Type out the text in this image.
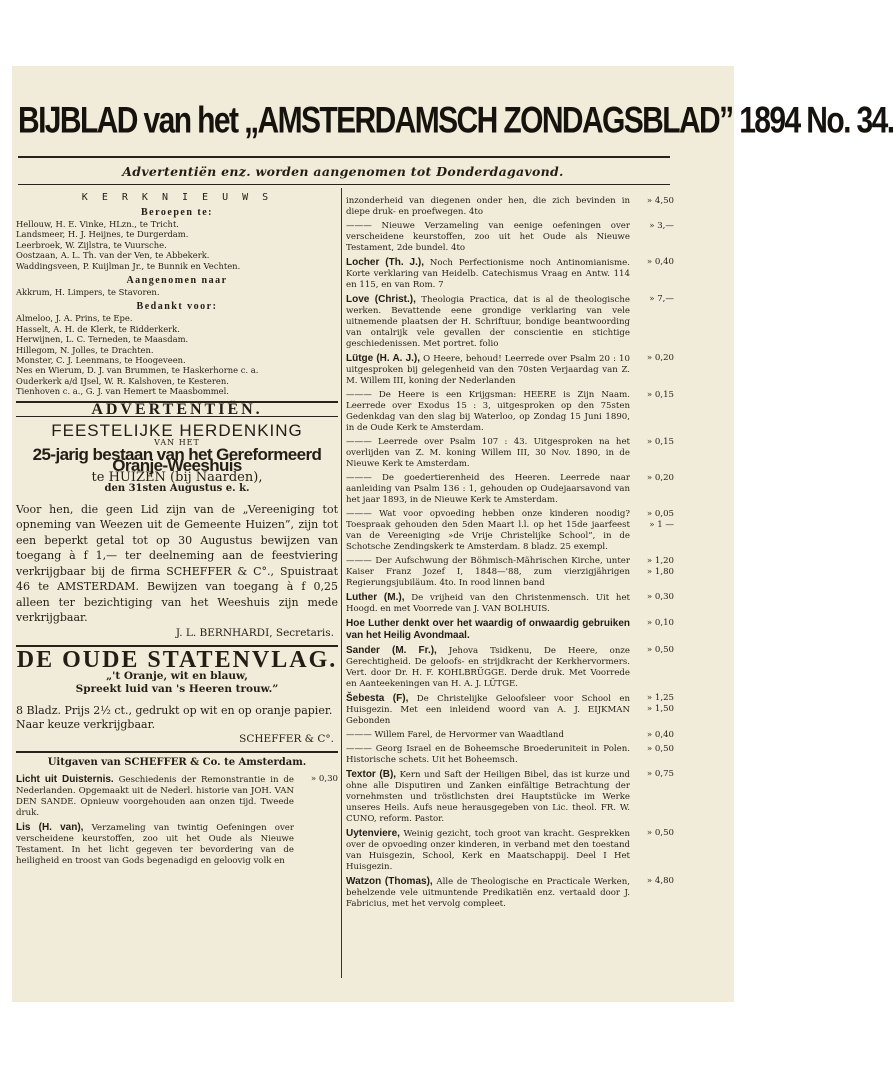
BIJBLAD van het „AMSTERDAMSCH ZONDAGSBLAD” 1894 No. 34.
Advertentiën enz. worden aangenomen tot Donderdagavond.
K E R K N I E U W S
Beroepen te:

Hellouw, H. E. Vinke, HLzn., te Tricht.

Landsmeer, H. J. Heijnes, te Durgerdam.

Leerbroek, W. Zijlstra, te Vuursche.

Oostzaan, A. L. Th. van der Ven, te Abbekerk.

Waddingsveen, P. Kuijlman Jr., te Bunnik en Vechten.

Aangenomen naar

Akkrum, H. Limpers, te Stavoren.

Bedankt voor:

Almeloo, J. A. Prins, te Epe.

Hasselt, A. H. de Klerk, te Ridderkerk.

Herwijnen, L. C. Terneden, te Maasdam.

Hillegom, N. Jolles, te Drachten.

Monster, C. J. Leenmans, te Hoogeveen.

Nes en Wierum, D. J. van Brummen, te Haskerhorne c. a.

Ouderkerk a/d IJsel, W. R. Kalshoven, te Kesteren.

Tienhoven c. a., G. J. van Hemert te Maasbommel.

ADVERTENTIËN.
FEESTELIJKE HERDENKING
VAN HET
25-jarig bestaan van het Gereformeerd Oranje-Weeshuis
te HUIZEN (bij Naarden),
den 31sten Augustus e. k.
Voor hen, die geen Lid zijn van de „Vereeniging tot opneming van Weezen uit de Gemeente Huizen”, zijn tot een beperkt getal tot op 30 Augustus bewijzen van toegang à f 1,— ter deelneming aan de feestviering verkrijgbaar bij de firma SCHEFFER & C°., Spuistraat 46 te AMSTERDAM. Bewijzen van toegang à f 0,25 alleen ter bezichtiging van het Weeshuis zijn mede verkrijgbaar.
J. L. BERNHARDI, Secretaris.
DE OUDE STATENVLAG.
„'t Oranje, wit en blauw,
Spreekt luid van 's Heeren trouw.”
8 Bladz. Prijs 2½ ct., gedrukt op wit en op oranje papier. Naar keuze verkrijgbaar.
SCHEFFER & C°.
Uitgaven van SCHEFFER & Co. te Amsterdam.
Licht uit Duisternis. Geschiedenis der Remonstrantie in de Nederlanden. Opgemaakt uit de Nederl. historie van JOH. VAN DEN SANDE. Opnieuw voorgehouden aan onzen tijd. Tweede druk.
» 0,30
Lis (H. van), Verzameling van twintig Oefeningen over verscheidene keurstoffen, zoo uit het Oude als Nieuwe Testament. In het licht gegeven ter bevordering van de heiligheid en troost van Gods begenadigd en geloovig volk en
inzonderheid van diegenen onder hen, die zich bevinden in diepe druk- en proefwegen. 4to
» 4,50
——— Nieuwe Verzameling van eenige oefeningen over verscheidene keurstoffen, zoo uit het Oude als Nieuwe Testament, 2de bundel. 4to
» 3,—
Locher (Th. J.), Noch Perfectionisme noch Antinomianisme. Korte verklaring van Heidelb. Catechismus Vraag en Antw. 114 en 115, en van Rom. 7
» 0,40
Love (Christ.), Theologia Practica, dat is al de theologische werken. Bevattende eene grondige verklaring van vele uitnemende plaatsen der H. Schriftuur, bondige beantwoording van ontalrijk vele gevallen der conscientie en stichtige geschiedenissen. Met portret. folio
» 7,—
Lütge (H. A. J.), O Heere, behoud! Leerrede over Psalm 20 : 10 uitgesproken bij gelegenheid van den 70sten Verjaardag van Z. M. Willem III, koning der Nederlanden
» 0,20
——— De Heere is een Krijgsman: HEERE is Zijn Naam. Leerrede over Exodus 15 : 3, uitgesproken op den 75sten Gedenkdag van den slag bij Waterloo, op Zondag 15 Juni 1890, in de Oude Kerk te Amsterdam.
» 0,15
——— Leerrede over Psalm 107 : 43. Uitgesproken na het overlijden van Z. M. koning Willem III, 30 Nov. 1890, in de Nieuwe Kerk te Amsterdam.
» 0,15
——— De goedertierenheid des Heeren. Leerrede naar aanleiding van Psalm 136 : 1, gehouden op Oudejaarsavond van het jaar 1893, in de Nieuwe Kerk te Amsterdam.
» 0,20
——— Wat voor opvoeding hebben onze kinderen noodig? Toespraak gehouden den 5den Maart l.l. op het 15de jaarfeest van de Vereeniging »de Vrije Christelijke School”, in de Schotsche Zendingskerk te Amsterdam. 8 bladz. 25 exempl.
» 0,05
» 1 —
——— Der Aufschwung der Böhmisch-Mährischen Kirche, unter Kaiser Franz Jozef I, 1848—'88, zum vierzigjährigen Regierungsjubiläum. 4to. In rood linnen band
» 1,20
» 1,80
Luther (M.), De vrijheid van den Christenmensch. Uit het Hoogd. en met Voorrede van J. VAN BOLHUIS.
» 0,30
Hoe Luther denkt over het waardig of onwaardig gebruiken van het Heilig Avondmaal.
» 0,10
Sander (M. Fr.), Jehova Tsidkenu, De Heere, onze Gerechtigheid. De geloofs- en strijdkracht der Kerkhervormers. Vert. door Dr. H. F. KOHLBRÜGGE. Derde druk. Met Voorrede en Aanteekeningen van H. A. J. LÜTGE.
» 0,50
Šebesta (F), De Christelijke Geloofsleer voor School en Huisgezin. Met een inleidend woord van A. J. EIJKMAN Gebonden
» 1,25
» 1,50
——— Willem Farel, de Hervormer van Waadtland	» 0,40
——— Georg Israel en de Boheemsche Broederuniteit in Polen. Historische schets. Uit het Boheemsch.
» 0,50
Textor (B), Kern und Saft der Heiligen Bibel, das ist kurze und ohne alle Disputiren und Zanken einfältige Betrachtung der vornehmsten und tröstlichsten drei Hauptstücke im Werke unseres Heils. Aufs neue herausgegeben von Lic. theol. FR. W. CUNO, reform. Pastor.
» 0,75
Uytenviere, Weinig gezicht, toch groot van kracht. Gesprekken over de opvoeding onzer kinderen, in verband met den toestand van Huisgezin, School, Kerk en Maatschappij. Deel I Het Huisgezin.
» 0,50
Watzon (Thomas), Alle de Theologische en Practicale Werken, behelzende vele uitmuntende Predikatiën enz. vertaald door J. Fabricius, met het vervolg compleet.
» 4,80
